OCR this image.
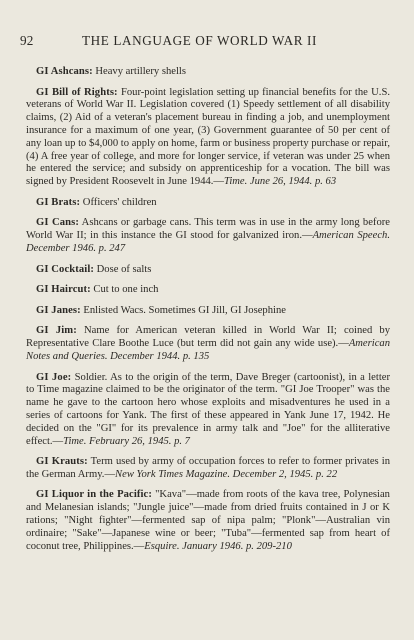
92	THE LANGUAGE OF WORLD WAR II

GI Ashcans: Heavy artillery shells

GI Bill of Rights: Four-point legislation setting up financial benefits for the U.S. veterans of World War II. Legislation covered (1) Speedy settlement of all disability claims, (2) Aid of a veteran's placement bureau in finding a job, and unemployment insurance for a maximum of one year, (3) Government guarantee of 50 per cent of any loan up to $4,000 to apply on home, farm or business property purchase or repair, (4) A free year of college, and more for longer service, if veteran was under 25 when he entered the service; and subsidy on apprenticeship for a vocation. The bill was signed by President Roosevelt in June 1944.—Time. June 26, 1944. p. 63

GI Brats: Officers' children

GI Cans: Ashcans or garbage cans. This term was in use in the army long before World War II; in this instance the GI stood for galvanized iron.—American Speech. December 1946. p. 247

GI Cocktail: Dose of salts

GI Haircut: Cut to one inch

GI Janes: Enlisted Wacs. Sometimes GI Jill, GI Josephine

GI Jim: Name for American veteran killed in World War II; coined by Representative Clare Boothe Luce (but term did not gain any wide use).—American Notes and Queries. December 1944. p. 135

GI Joe: Soldier. As to the origin of the term, Dave Breger (cartoonist), in a letter to Time magazine claimed to be the originator of the term. "GI Joe Trooper" was the name he gave to the cartoon hero whose exploits and misadventures he used in a series of cartoons for Yank. The first of these appeared in Yank June 17, 1942. He decided on the "GI" for its prevalence in army talk and "Joe" for the alliterative effect.—Time. February 26, 1945. p. 7

GI Krauts: Term used by army of occupation forces to refer to former privates in the German Army.—New York Times Magazine. December 2, 1945. p. 22

GI Liquor in the Pacific: "Kava"—made from roots of the kava tree, Polynesian and Melanesian islands; "Jungle juice"—made from dried fruits contained in J or K rations; "Night fighter"—fermented sap of nipa palm; "Plonk"—Australian vin ordinaire; "Sake"—Japanese wine or beer; "Tuba"—fermented sap from heart of coconut tree, Philippines.—Esquire. January 1946. p. 209-210
